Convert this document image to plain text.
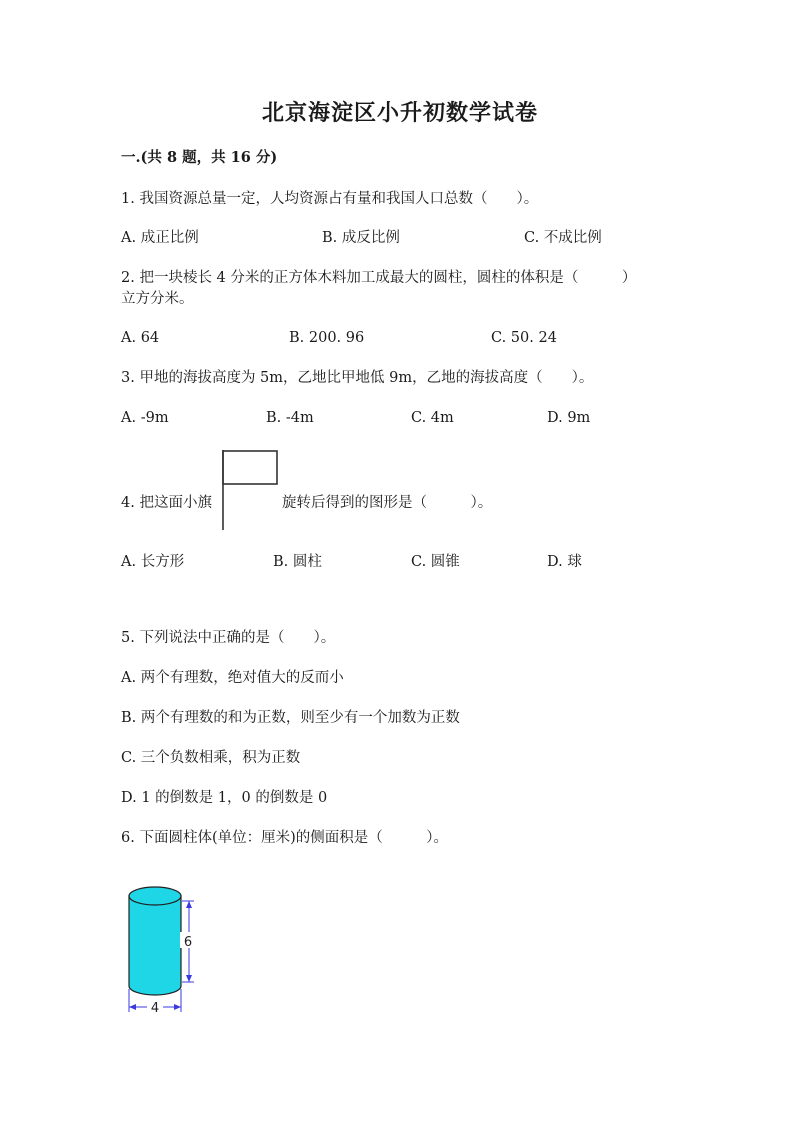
北京海淀区小升初数学试卷
一.(共 8 题，共 16 分)
1. 我国资源总量一定，人均资源占有量和我国人口总数（　　）。
A. 成正比例	B. 成反比例	C. 不成比例
2. 把一块棱长 4 分米的正方体木料加工成最大的圆柱，圆柱的体积是（　　　）
立方分米。
A. 64	B. 200. 96	C. 50. 24
3. 甲地的海拔高度为 5m，乙地比甲地低 9m，乙地的海拔高度（　　）。
A. -9m	B. -4m	C. 4m	D. 9m
4. 把这面小旗	旋转后得到的图形是（　　　）。
A. 长方形	B. 圆柱	C. 圆锥	D. 球
5. 下列说法中正确的是（　　）。
A. 两个有理数，绝对值大的反而小
B. 两个有理数的和为正数，则至少有一个加数为正数
C. 三个负数相乘，积为正数
D. 1 的倒数是 1，0 的倒数是 0
6. 下面圆柱体(单位：厘米)的侧面积是（　　　）。
6
4
